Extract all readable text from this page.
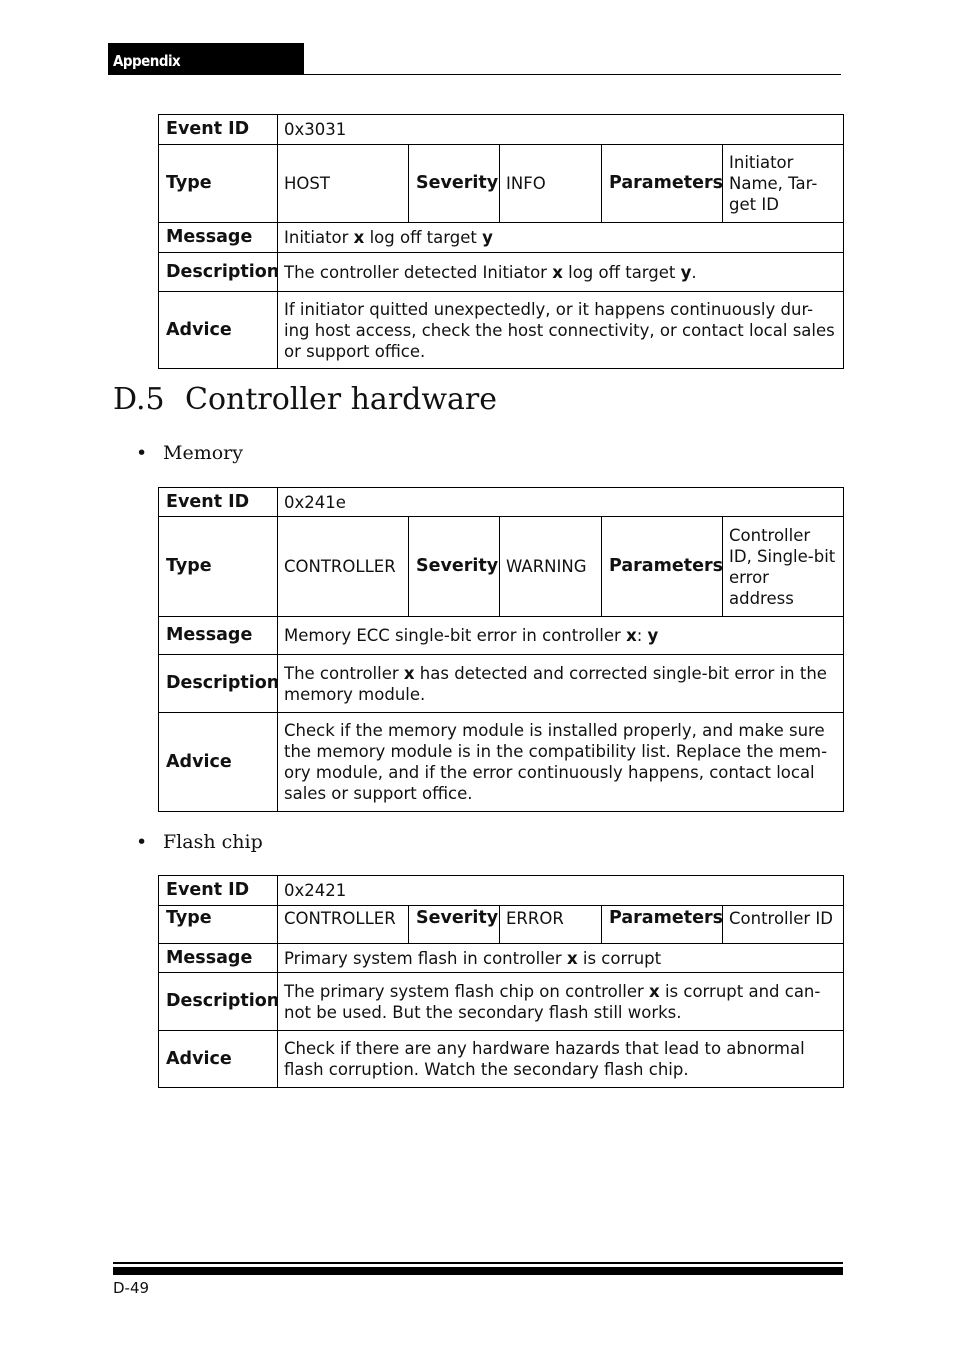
Appendix
Event ID	0x3031				
Type	HOST	Severity	INFO	Parameters	Initiator Name, Tar-get ID
Message	Initiator x log off target y				
Description	The controller detected Initiator x log off target y.				
Advice	If initiator quitted unexpectedly, or it happens continuously dur-ing host access, check the host connectivity, or contact local sales or support office.				
D.5 Controller hardware
• Memory
Event ID	0x241e				
Type	CONTROLLER	Severity	WARNING	Parameters	Controller ID, Single-bit error address
Message	Memory ECC single-bit error in controller x: y				
Description	The controller x has detected and corrected single-bit error in the memory module.				
Advice	Check if the memory module is installed properly, and make sure the memory module is in the compatibility list. Replace the mem-ory module, and if the error continuously happens, contact local sales or support office.				
• Flash chip
Event ID	0x2421				
Type	CONTROLLER	Severity	ERROR	Parameters	Controller ID
Message	Primary system flash in controller x is corrupt				
Description	The primary system flash chip on controller x is corrupt and can-not be used. But the secondary flash still works.				
Advice	Check if there are any hardware hazards that lead to abnormal flash corruption. Watch the secondary flash chip.				
D-49
